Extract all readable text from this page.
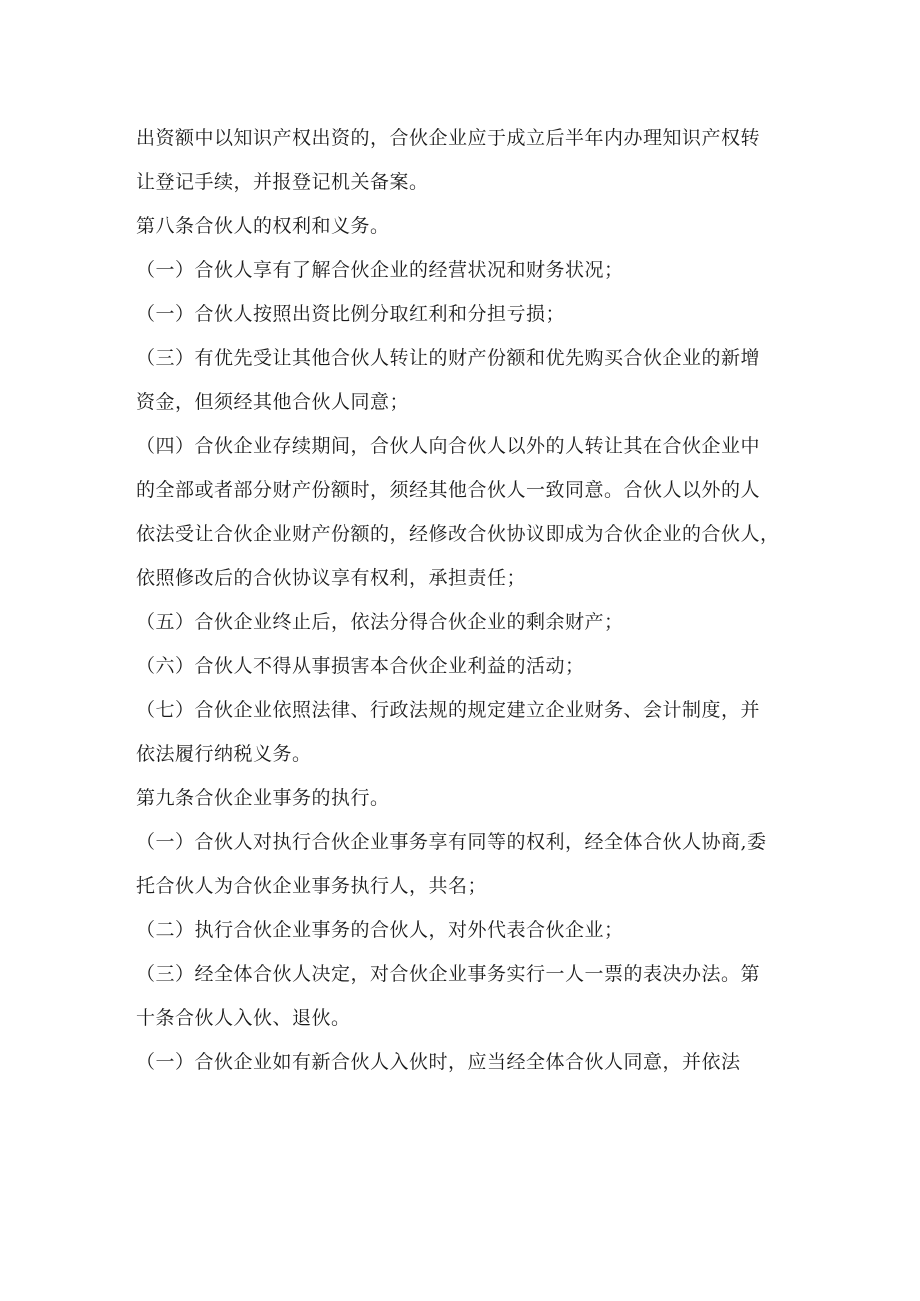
出资额中以知识产权出资的，合伙企业应于成立后半年内办理知识产权转
让登记手续，并报登记机关备案。
第八条合伙人的权利和义务。
（一）合伙人享有了解合伙企业的经营状况和财务状况；
（一）合伙人按照出资比例分取红利和分担亏损；
（三）有优先受让其他合伙人转让的财产份额和优先购买合伙企业的新增
资金，但须经其他合伙人同意；
（四）合伙企业存续期间，合伙人向合伙人以外的人转让其在合伙企业中
的全部或者部分财产份额时，须经其他合伙人一致同意。合伙人以外的人
依法受让合伙企业财产份额的，经修改合伙协议即成为合伙企业的合伙人，
依照修改后的合伙协议享有权利，承担责任；
（五）合伙企业终止后，依法分得合伙企业的剩余财产；
（六）合伙人不得从事损害本合伙企业利益的活动；
（七）合伙企业依照法律、行政法规的规定建立企业财务、会计制度，并
依法履行纳税义务。
第九条合伙企业事务的执行。
（一）合伙人对执行合伙企业事务享有同等的权利，经全体合伙人协商,委
托合伙人为合伙企业事务执行人，共名；
（二）执行合伙企业事务的合伙人，对外代表合伙企业；
（三）经全体合伙人决定，对合伙企业事务实行一人一票的表决办法。第
十条合伙人入伙、退伙。
（一）合伙企业如有新合伙人入伙时，应当经全体合伙人同意，并依法
